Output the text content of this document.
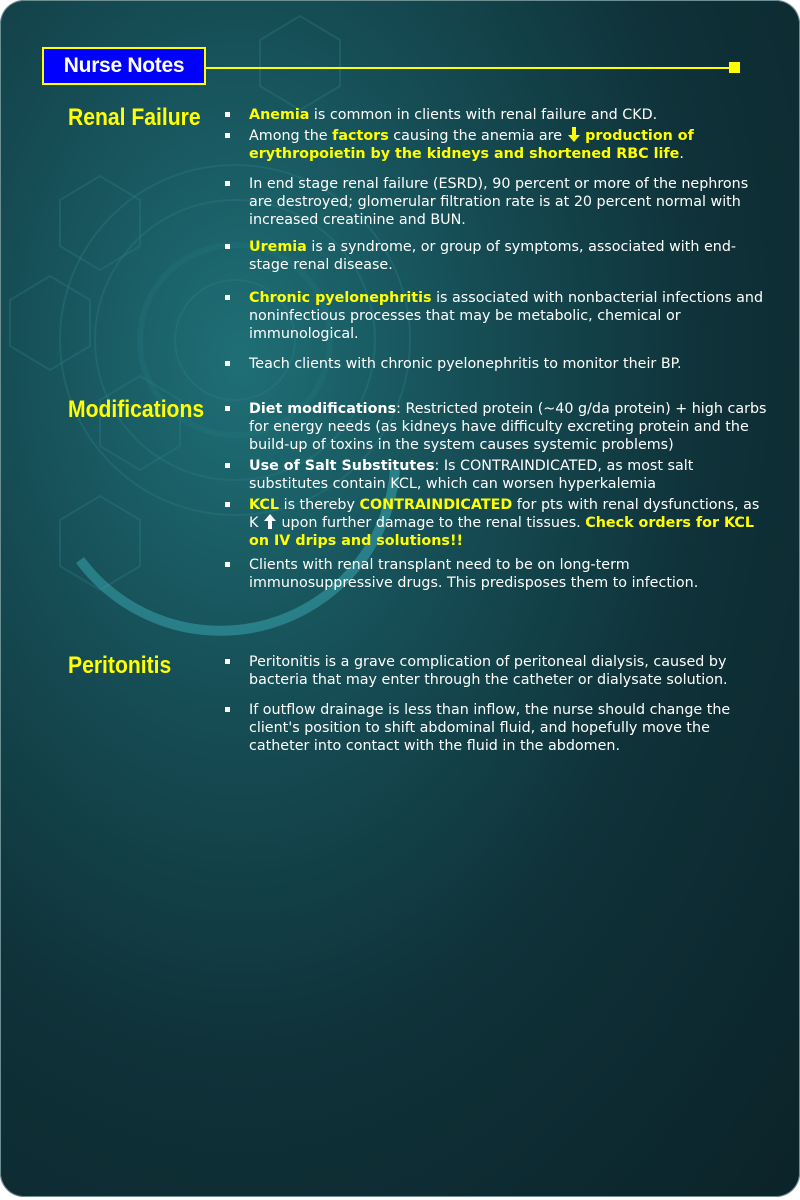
Nurse Notes
Renal Failure	Anemia is common in clients with renal failure and CKD.
Among the factors causing the anemia are  production of erythropoietin by the kidneys and shortened RBC life.
In end stage renal failure (ESRD), 90 percent or more of the nephrons are destroyed; glomerular filtration rate is at 20 percent normal with increased creatinine and BUN.
Uremia is a syndrome, or group of symptoms, associated with end-stage renal disease.
Chronic pyelonephritis is associated with nonbacterial infections and noninfectious processes that may be metabolic, chemical or immunological.
Teach clients with chronic pyelonephritis to monitor their BP.
Modifications	Diet modifications: Restricted protein (~40 g/da protein) + high carbs for energy needs (as kidneys have difficulty excreting protein and the build-up of toxins in the system causes systemic problems)
Use of Salt Substitutes: Is CONTRAINDICATED, as most salt substitutes contain KCL, which can worsen hyperkalemia
KCL is thereby CONTRAINDICATED for pts with renal dysfunctions, as K  upon further damage to the renal tissues. Check orders for KCL on IV drips and solutions!!
Clients with renal transplant need to be on long-term immunosuppressive drugs. This predisposes them to infection.
Peritonitis	Peritonitis is a grave complication of peritoneal dialysis, caused by bacteria that may enter through the catheter or dialysate solution.
If outflow drainage is less than inflow, the nurse should change the client's position to shift abdominal fluid, and hopefully move the catheter into contact with the fluid in the abdomen.
